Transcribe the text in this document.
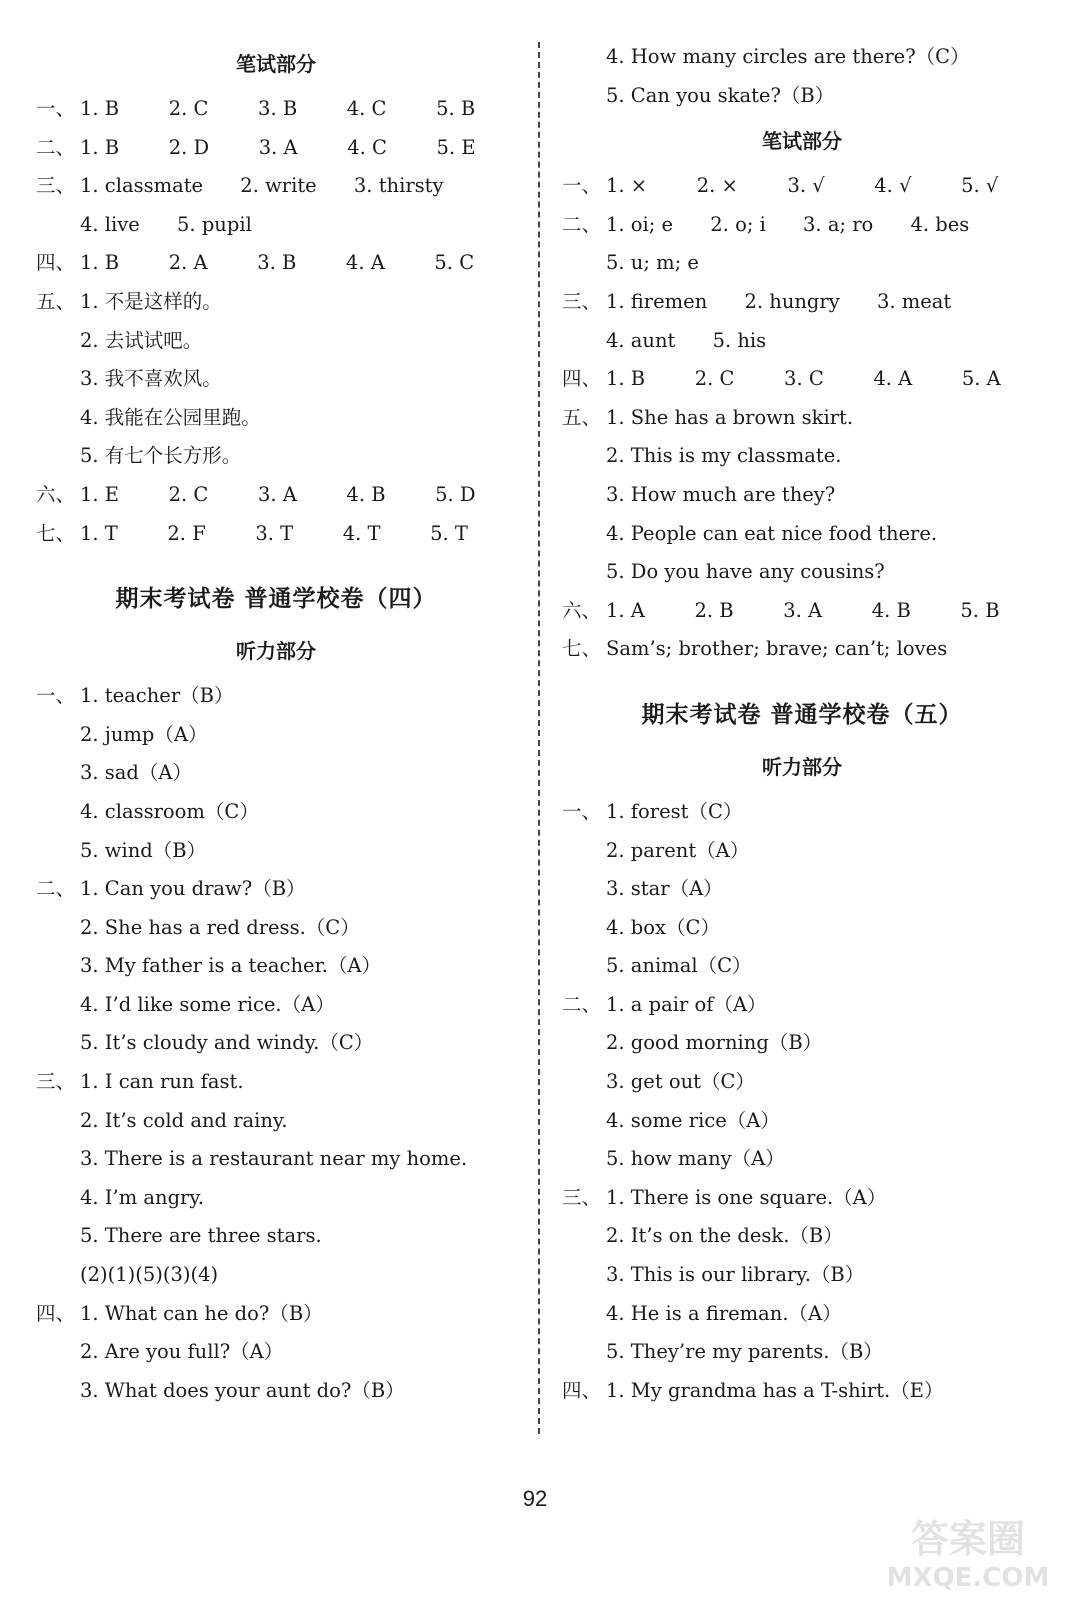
笔试部分
一、 1. B        2. C        3. B        4. C        5. B
二、 1. B        2. D        3. A        4. C        5. E
三、 1. classmate      2. write      3. thirsty
4. live      5. pupil
四、 1. B        2. A        3. B        4. A        5. C
五、 1. 不是这样的。
2. 去试试吧。
3. 我不喜欢风。
4. 我能在公园里跑。
5. 有七个长方形。
六、 1. E        2. C        3. A        4. B        5. D
七、 1. T        2. F        3. T        4. T        5. T
期末考试卷 普通学校卷（四）
听力部分
一、 1. teacher（B）
2. jump（A）
3. sad（A）
4. classroom（C）
5. wind（B）
二、 1. Can you draw?（B）
2. She has a red dress.（C）
3. My father is a teacher.（A）
4. I’d like some rice.（A）
5. It’s cloudy and windy.（C）
三、 1. I can run fast.
2. It’s cold and rainy.
3. There is a restaurant near my home.
4. I’m angry.
5. There are three stars.
(2)(1)(5)(3)(4)
四、 1. What can he do?（B）
2. Are you full?（A）
3. What does your aunt do?（B）
4. How many circles are there?（C）
5. Can you skate?（B）
笔试部分
一、 1. ×        2. ×        3. √        4. √        5. √
二、 1. oi; e      2. o; i      3. a; ro      4. bes
5. u; m; e
三、 1. firemen      2. hungry      3. meat
4. aunt      5. his
四、 1. B        2. C        3. C        4. A        5. A
五、 1. She has a brown skirt.
2. This is my classmate.
3. How much are they?
4. People can eat nice food there.
5. Do you have any cousins?
六、 1. A        2. B        3. A        4. B        5. B
七、 Sam’s; brother; brave; can’t; loves
期末考试卷 普通学校卷（五）
听力部分
一、 1. forest（C）
2. parent（A）
3. star（A）
4. box（C）
5. animal（C）
二、 1. a pair of（A）
2. good morning（B）
3. get out（C）
4. some rice（A）
5. how many（A）
三、 1. There is one square.（A）
2. It’s on the desk.（B）
3. This is our library.（B）
4. He is a fireman.（A）
5. They’re my parents.（B）
四、 1. My grandma has a T-shirt.（E）
92
答案圈
MXQE.COM
